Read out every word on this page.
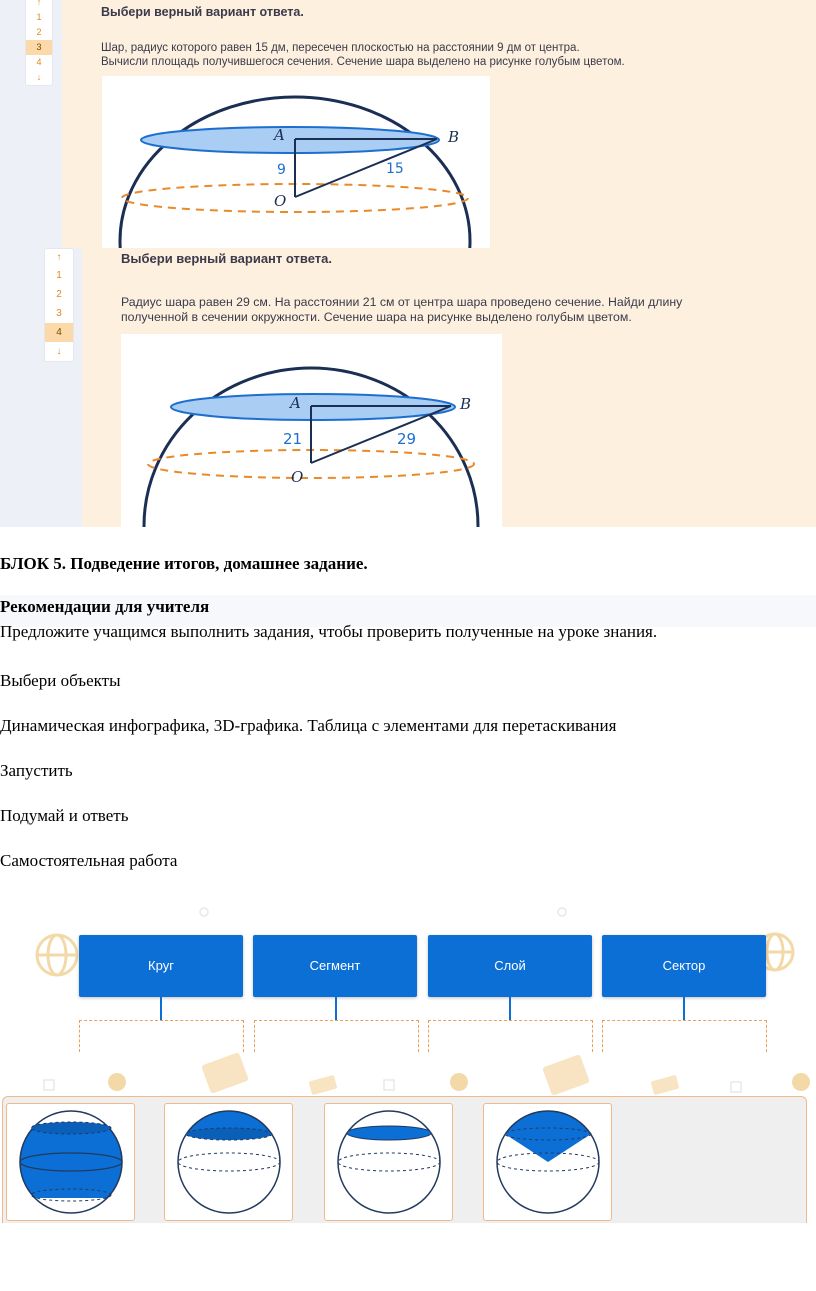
↑
1
2
3
4
↓
Выбери верный вариант ответа.
Шар, радиус которого равен 15 дм, пересечен плоскостью на расстоянии 9 дм от центра.
Вычисли площадь получившегося сечения. Сечение шара выделено на рисунке голубым цветом.
A	B
O
9	15
↑
1
2
3
4
↓
Выбери верный вариант ответа.
Радиус шара равен 29 см. На расстоянии 21 см от центра шара проведено сечение. Найди длину
полученной в сечении окружности. Сечение шара на рисунке выделено голубым цветом.
A	B
O
21	29
БЛОК 5. Подведение итогов, домашнее задание.
Рекомендации для учителя
Предложите учащимся выполнить задания, чтобы проверить полученные на уроке знания.
Выбери объекты
Динамическая инфографика, 3D-графика. Таблица с элементами для перетаскивания
Запустить
Подумай и ответь
Самостоятельная работа
Круг	Сегмент	Слой	Сектор
